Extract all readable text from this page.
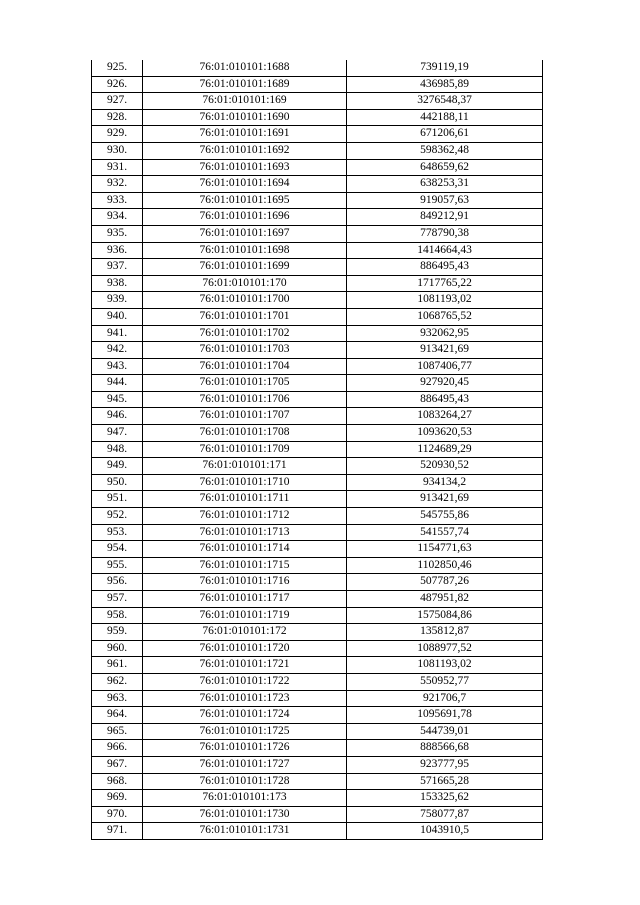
925.	76:01:010101:1688	739119,19
926.	76:01:010101:1689	436985,89
927.	76:01:010101:169	3276548,37
928.	76:01:010101:1690	442188,11
929.	76:01:010101:1691	671206,61
930.	76:01:010101:1692	598362,48
931.	76:01:010101:1693	648659,62
932.	76:01:010101:1694	638253,31
933.	76:01:010101:1695	919057,63
934.	76:01:010101:1696	849212,91
935.	76:01:010101:1697	778790,38
936.	76:01:010101:1698	1414664,43
937.	76:01:010101:1699	886495,43
938.	76:01:010101:170	1717765,22
939.	76:01:010101:1700	1081193,02
940.	76:01:010101:1701	1068765,52
941.	76:01:010101:1702	932062,95
942.	76:01:010101:1703	913421,69
943.	76:01:010101:1704	1087406,77
944.	76:01:010101:1705	927920,45
945.	76:01:010101:1706	886495,43
946.	76:01:010101:1707	1083264,27
947.	76:01:010101:1708	1093620,53
948.	76:01:010101:1709	1124689,29
949.	76:01:010101:171	520930,52
950.	76:01:010101:1710	934134,2
951.	76:01:010101:1711	913421,69
952.	76:01:010101:1712	545755,86
953.	76:01:010101:1713	541557,74
954.	76:01:010101:1714	1154771,63
955.	76:01:010101:1715	1102850,46
956.	76:01:010101:1716	507787,26
957.	76:01:010101:1717	487951,82
958.	76:01:010101:1719	1575084,86
959.	76:01:010101:172	135812,87
960.	76:01:010101:1720	1088977,52
961.	76:01:010101:1721	1081193,02
962.	76:01:010101:1722	550952,77
963.	76:01:010101:1723	921706,7
964.	76:01:010101:1724	1095691,78
965.	76:01:010101:1725	544739,01
966.	76:01:010101:1726	888566,68
967.	76:01:010101:1727	923777,95
968.	76:01:010101:1728	571665,28
969.	76:01:010101:173	153325,62
970.	76:01:010101:1730	758077,87
971.	76:01:010101:1731	1043910,5
